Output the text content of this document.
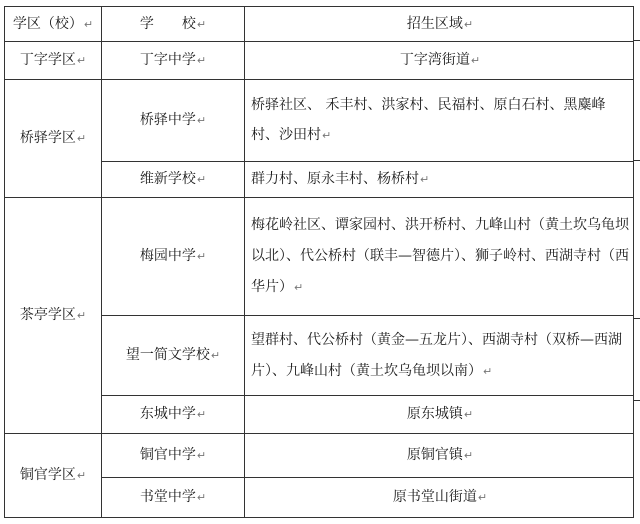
学区（校）↵	学 校↵	招生区域↵
丁字学区↵	丁字中学↵	丁字湾街道↵
桥驿学区↵	桥驿中学↵	桥驿社区、 禾丰村、洪家村、民福村、原白石村、黑麋峰村、沙田村↵
	维新学校↵	群力村、原永丰村、杨桥村↵
茶亭学区↵	梅园中学↵	梅花岭社区、谭家园村、洪开桥村、九峰山村（黄土坎乌龟坝以北）、代公桥村（联丰—智德片）、狮子岭村、西湖寺村（西华片）↵
	望一简文学校↵	望群村、代公桥村（黄金—五龙片）、西湖寺村（双桥—西湖片）、九峰山村（黄土坎乌龟坝以南）↵
	东城中学↵	原东城镇↵
铜官学区↵	铜官中学↵	原铜官镇↵
	书堂中学↵	原书堂山街道↵
